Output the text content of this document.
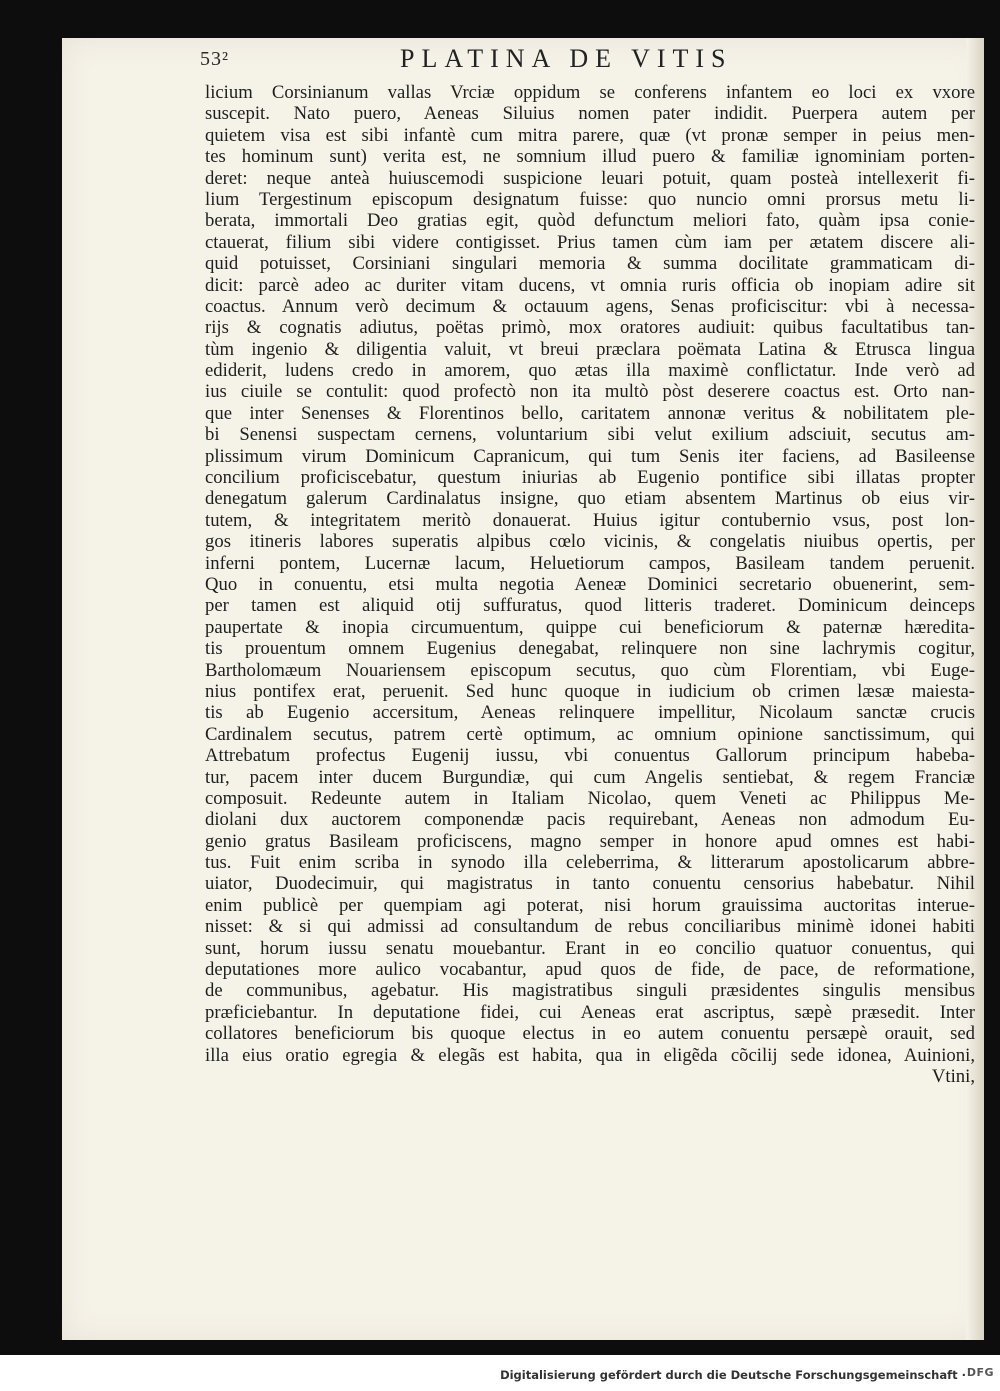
53²	PLATINA DE VITIS
licium Corsinianum vallas Vrciæ oppidum se conferens infantem eo loci ex vxore
suscepit. Nato puero, Aeneas Siluius nomen pater indidit. Puerpera autem per
quietem visa est sibi infantè cum mitra parere, quæ (vt pronæ semper in peius men-
tes hominum sunt) verita est, ne somnium illud puero & familiæ ignominiam porten-
deret: neque anteà huiuscemodi suspicione leuari potuit, quam posteà intellexerit fi-
lium Tergestinum episcopum designatum fuisse: quo nuncio omni prorsus metu li-
berata, immortali Deo gratias egit, quòd defunctum meliori fato, quàm ipsa conie-
ctauerat, filium sibi videre contigisset. Prius tamen cùm iam per ætatem discere ali-
quid potuisset, Corsiniani singulari memoria & summa docilitate grammaticam di-
dicit: parcè adeo ac duriter vitam ducens, vt omnia ruris officia ob inopiam adire sit
coactus. Annum verò decimum & octauum agens, Senas proficiscitur: vbi à necessa-
rijs & cognatis adiutus, poëtas primò, mox oratores audiuit: quibus facultatibus tan-
tùm ingenio & diligentia valuit, vt breui præclara poëmata Latina & Etrusca lingua
ediderit, ludens credo in amorem, quo ætas illa maximè conflictatur. Inde verò ad
ius ciuile se contulit: quod profectò non ita multò pòst deserere coactus est. Orto nan-
que inter Senenses & Florentinos bello, caritatem annonæ veritus & nobilitatem ple-
bi Senensi suspectam cernens, voluntarium sibi velut exilium adsciuit, secutus am-
plissimum virum Dominicum Capranicum, qui tum Senis iter faciens, ad Basileense
concilium proficiscebatur, questum iniurias ab Eugenio pontifice sibi illatas propter
denegatum galerum Cardinalatus insigne, quo etiam absentem Martinus ob eius vir-
tutem, & integritatem meritò donauerat. Huius igitur contubernio vsus, post lon-
gos itineris labores superatis alpibus cœlo vicinis, & congelatis niuibus opertis, per
inferni pontem, Lucernæ lacum, Heluetiorum campos, Basileam tandem peruenit.
Quo in conuentu, etsi multa negotia Aeneæ Dominici secretario obuenerint, sem-
per tamen est aliquid otij suffuratus, quod litteris traderet. Dominicum deinceps
paupertate & inopia circumuentum, quippe cui beneficiorum & paternæ hæredita-
tis prouentum omnem Eugenius denegabat, relinquere non sine lachrymis cogitur,
Bartholomæum Nouariensem episcopum secutus, quo cùm Florentiam, vbi Euge-
nius pontifex erat, peruenit. Sed hunc quoque in iudicium ob crimen læsæ maiesta-
tis ab Eugenio accersitum, Aeneas relinquere impellitur, Nicolaum sanctæ crucis
Cardinalem secutus, patrem certè optimum, ac omnium opinione sanctissimum, qui
Attrebatum profectus Eugenij iussu, vbi conuentus Gallorum principum habeba-
tur, pacem inter ducem Burgundiæ, qui cum Angelis sentiebat, & regem Franciæ
composuit. Redeunte autem in Italiam Nicolao, quem Veneti ac Philippus Me-
diolani dux auctorem componendæ pacis requirebant, Aeneas non admodum Eu-
genio gratus Basileam proficiscens, magno semper in honore apud omnes est habi-
tus. Fuit enim scriba in synodo illa celeberrima, & litterarum apostolicarum abbre-
uiator, Duodecimuir, qui magistratus in tanto conuentu censorius habebatur. Nihil
enim publicè per quempiam agi poterat, nisi horum grauissima auctoritas interue-
nisset: & si qui admissi ad consultandum de rebus conciliaribus minimè idonei habiti
sunt, horum iussu senatu mouebantur. Erant in eo concilio quatuor conuentus, qui
deputationes more aulico vocabantur, apud quos de fide, de pace, de reformatione,
de communibus, agebatur. His magistratibus singuli præsidentes singulis mensibus
præficiebantur. In deputatione fidei, cui Aeneas erat ascriptus, sæpè præsedit. Inter
collatores beneficiorum bis quoque electus in eo autem conuentu persæpè orauit, sed
illa eius oratio egregia & elegãs est habita, qua in eligẽda cõcilij sede idonea, Auinioni,
Vtini,
Digitalisierung gefördert durch die Deutsche Forschungsgemeinschaft · DFG
